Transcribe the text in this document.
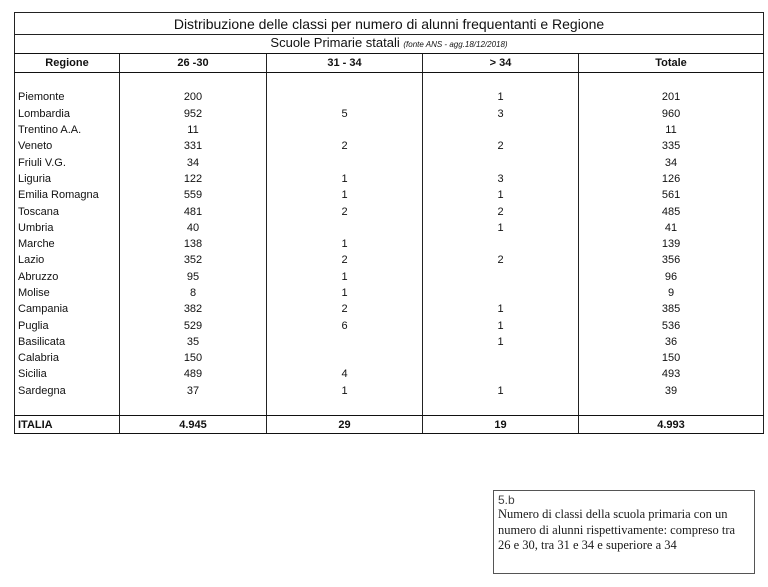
Distribuzione delle classi per numero di alunni frequentanti e Regione				
Scuole Primarie statali (fonte ANS - agg.18/12/2018)				
Regione	26 -30	31 - 34	> 34	Totale

Piemonte	200		1	201
Lombardia	952	5	3	960
Trentino A.A.	11			11
Veneto	331	2	2	335
Friuli V.G.	34			34
Liguria	122	1	3	126
Emilia Romagna	559	1	1	561
Toscana	481	2	2	485
Umbria	40		1	41
Marche	138	1		139
Lazio	352	2	2	356
Abruzzo	95	1		96
Molise	8	1		9
Campania	382	2	1	385
Puglia	529	6	1	536
Basilicata	35		1	36
Calabria	150			150
Sicilia	489	4		493
Sardegna	37	1	1	39

ITALIA	4.945	29	19	4.993
5.b
Numero di classi della scuola primaria con un numero di alunni rispettivamente: compreso tra 26 e 30, tra 31 e 34 e superiore a 34
